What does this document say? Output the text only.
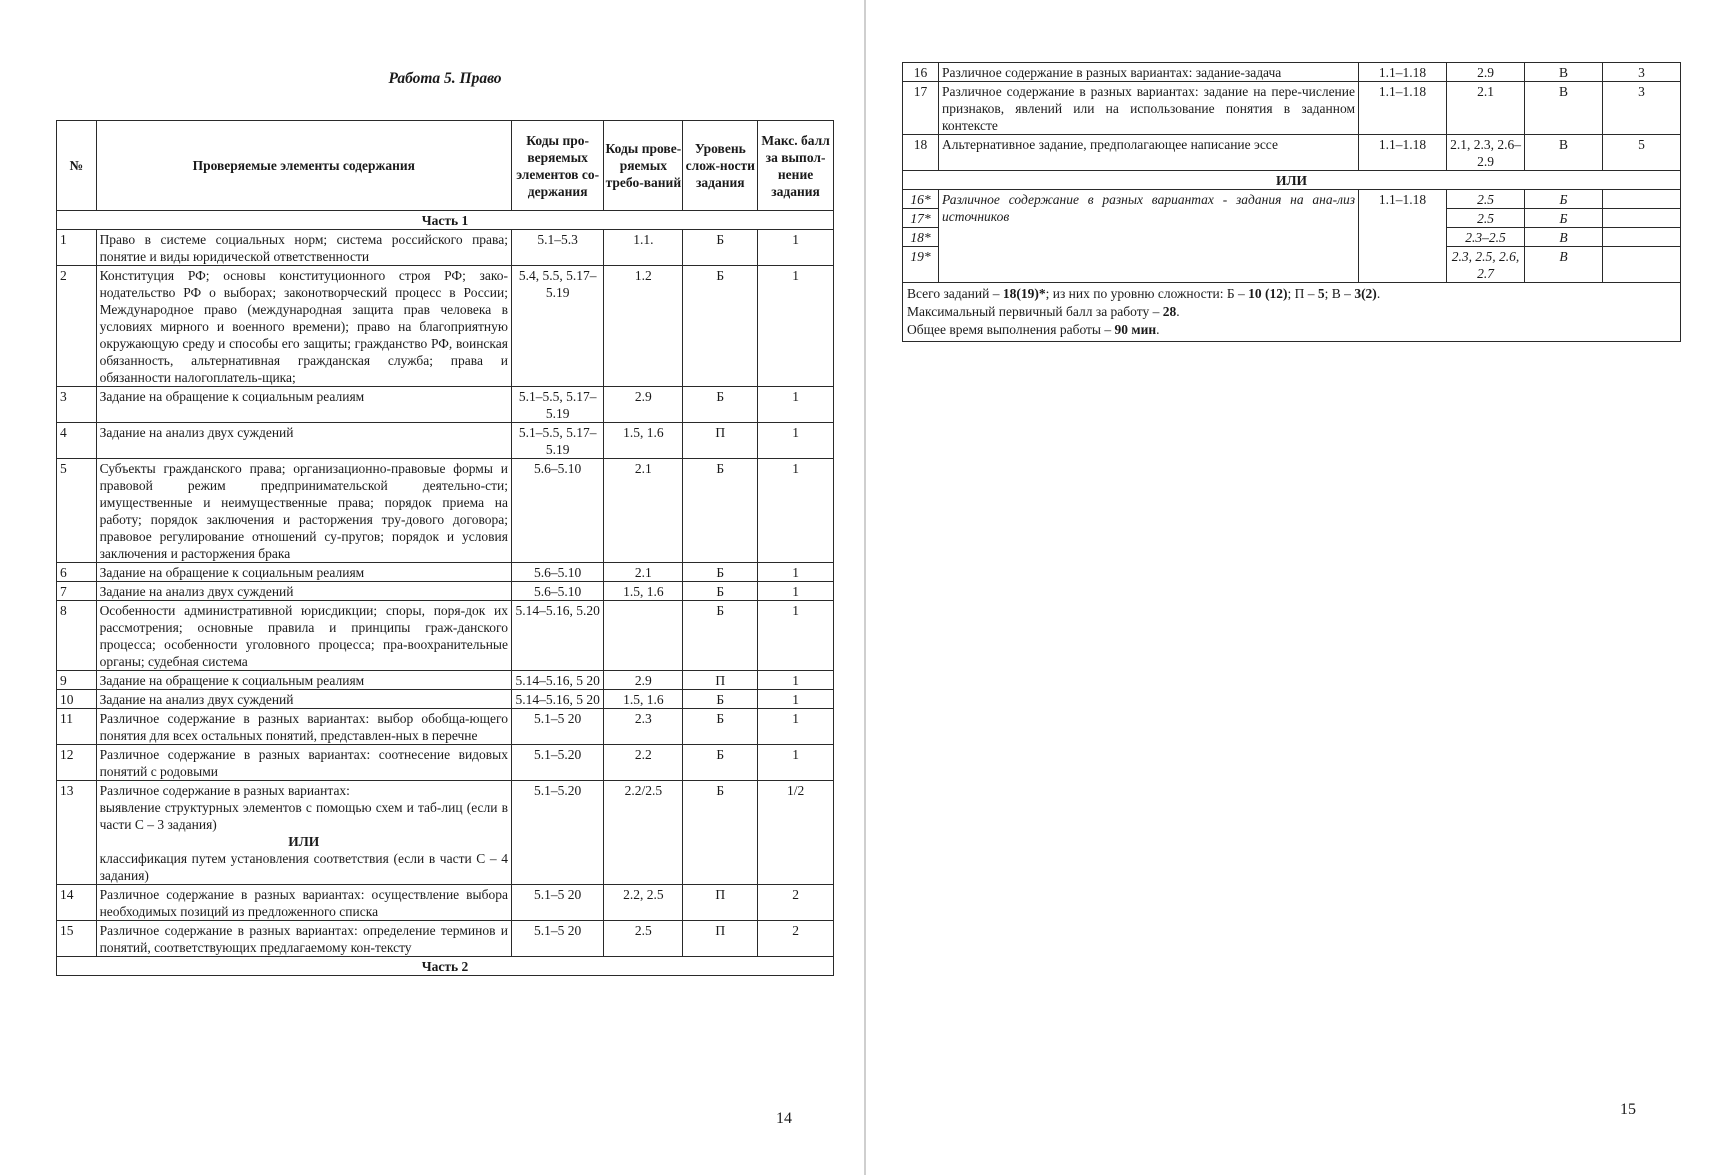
Работа 5. Право
№	Проверяемые элементы содержания	Коды про-веряемых элементов со-держания	Коды прове-ряемых требо-ваний	Уровень слож-ности задания	Макс. балл за выпол-нение задания
Часть 1					
1	Право в системе социальных норм; система российского права; понятие и виды юридической ответственности	5.1–5.3	1.1.	Б	1
2	Конституция РФ; основы конституционного строя РФ; зако-нодательство РФ о выборах; законотворческий процесс в России; Международное право (международная защита прав человека в условиях мирного и военного времени); право на благоприятную окружающую среду и способы его защиты; гражданство РФ, воинская обязанность, альтернативная гражданская служба; права и обязанности налогоплатель-щика;	5.4, 5.5, 5.17–5.19	1.2	Б	1
3	Задание на обращение к социальным реалиям	5.1–5.5, 5.17–5.19	2.9	Б	1
4	Задание на анализ двух суждений	5.1–5.5, 5.17–5.19	1.5, 1.6	П	1
5	Субъекты гражданского права; организационно-правовые формы и правовой режим предпринимательской деятельно-сти; имущественные и неимущественные права; порядок приема на работу; порядок заключения и расторжения тру-дового договора; правовое регулирование отношений су-пругов; порядок и условия заключения и расторжения брака	5.6–5.10	2.1	Б	1
6	Задание на обращение к социальным реалиям	5.6–5.10	2.1	Б	1
7	Задание на анализ двух суждений	5.6–5.10	1.5, 1.6	Б	1
8	Особенности административной юрисдикции; споры, поря-док их рассмотрения; основные правила и принципы граж-данского процесса; особенности уголовного процесса; пра-воохранительные органы; судебная система	5.14–5.16, 5.20		Б	1
9	Задание на обращение к социальным реалиям	5.14–5.16, 5 20	2.9	П	1
10	Задание на анализ двух суждений	5.14–5.16, 5 20	1.5, 1.6	Б	1
11	Различное содержание в разных вариантах: выбор обобща-ющего понятия для всех остальных понятий, представлен-ных в перечне	5.1–5 20	2.3	Б	1
12	Различное содержание в разных вариантах: соотнесение видовых понятий с родовыми	5.1–5.20	2.2	Б	1
13	Различное содержание в разных вариантах:
выявление структурных элементов с помощью схем и таб-лиц (если в части С – 3 задания)
ИЛИ
классификация путем установления соответствия (если в части С – 4 задания)	5.1–5.20	2.2/2.5	Б	1/2
14	Различное содержание в разных вариантах: осуществление выбора необходимых позиций из предложенного списка	5.1–5 20	2.2, 2.5	П	2
15	Различное содержание в разных вариантах: определение терминов и понятий, соответствующих предлагаемому кон-тексту	5.1–5 20	2.5	П	2
Часть 2					
14
16	Различное содержание в разных вариантах: задание-задача	1.1–1.18	2.9	В	3
17	Различное содержание в разных вариантах: задание на пере-числение признаков, явлений или на использование понятия в заданном контексте	1.1–1.18	2.1	В	3
18	Альтернативное задание, предполагающее написание эссе	1.1–1.18	2.1, 2.3, 2.6–2.9	В	5
ИЛИ					
16*	Различное содержание в разных вариантах - задания на ана-лиз источников	1.1–1.18	2.5	Б	
17*			2.5	Б	
18*			2.3–2.5	В	
19*			2.3, 2.5, 2.6, 2.7	В	

Всего заданий – 18(19)*; из них по уровню сложности: Б – 10 (12); П – 5; В – 3(2).
Максимальный первичный балл за работу – 28.
Общее время выполнения работы – 90 мин.					
15
